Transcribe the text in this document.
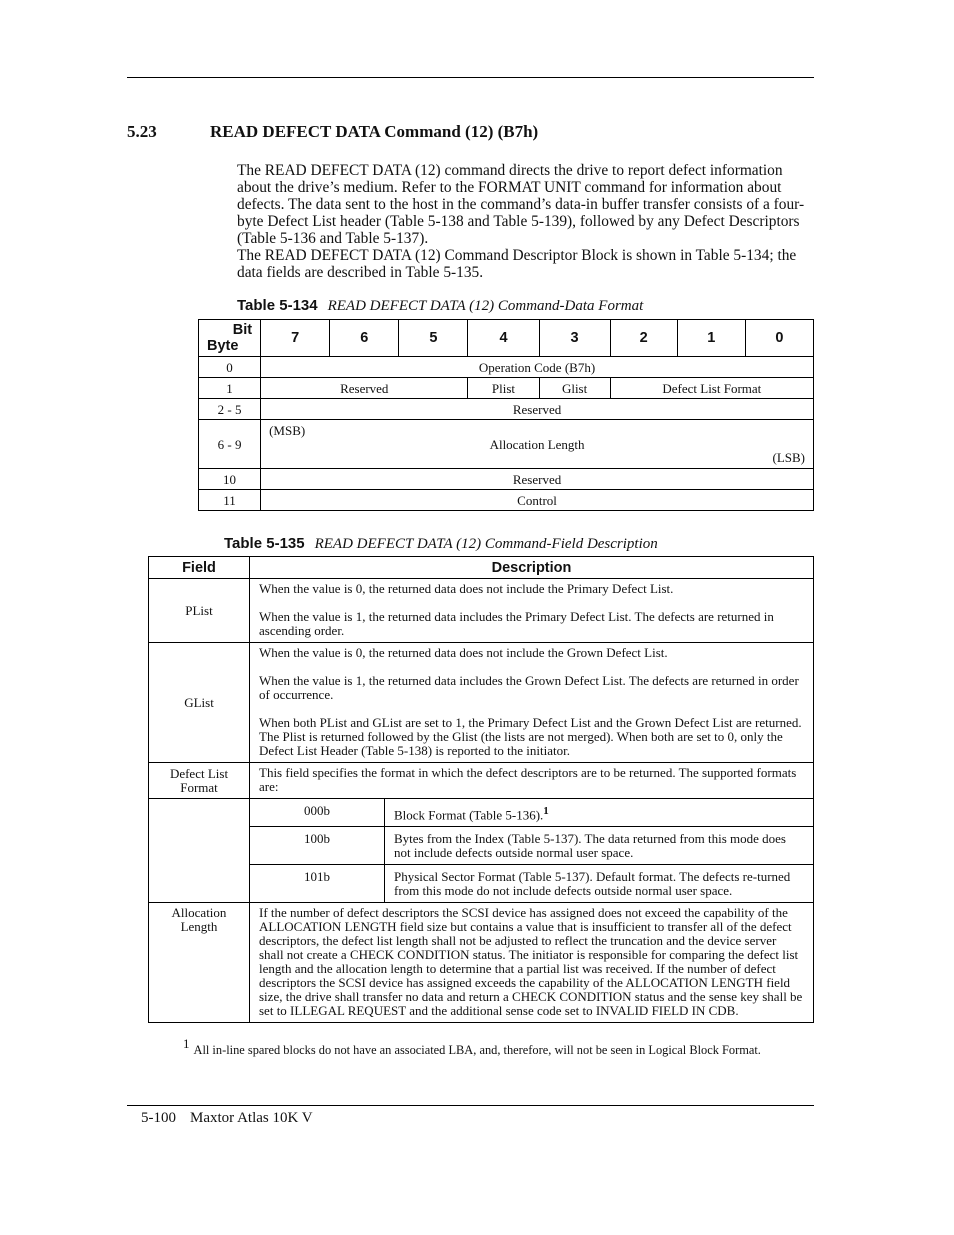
5.23	READ DEFECT DATA Command (12) (B7h)

The READ DEFECT DATA (12) command directs the drive to report defect information about the drive’s medium. Refer to the FORMAT UNIT command for information about defects. The data sent to the host in the command’s data-in buffer transfer consists of a four-byte Defect List header (Table 5-138 and Table 5-139), followed by any Defect Descriptors (Table 5-136 and Table 5-137).

The READ DEFECT DATA (12) Command Descriptor Block is shown in Table 5-134; the data fields are described in Table 5-135.

Table 5-134 READ DEFECT DATA (12) Command-Data Format
Bit
Byte	7	6	5	4	3	2	1	0
0	Operation Code (B7h)							
1	Reserved			Plist	Glist	Defect List Format		
2 - 5	Reserved							
6 - 9	(MSB)
Allocation Length
(LSB)							

10	Reserved							
11	Control							
Table 5-135 READ DEFECT DATA (12) Command-Field Description
Field	Description	
PList	When the value is 0, the returned data does not include the Primary Defect List.

When the value is 1, the returned data includes the Primary Defect List. The defects are returned in ascending order.	

GList	When the value is 0, the returned data does not include the Grown Defect List.

When the value is 1, the returned data includes the Grown Defect List. The defects are returned in order of occurrence.

When both PList and GList are set to 1, the Primary Defect List and the Grown Defect List are returned. The Plist is returned followed by the Glist (the lists are not merged). When both are set to 0, only the Defect List Header (Table 5-138) is reported to the initiator.	

Defect List
Format	This field specifies the format in which the defect descriptors are to be returned. The supported formats are:	

	000b	Block Format (Table 5-136).$^1$
	100b	Bytes from the Index (Table 5-137). The data returned from this mode does not include defects outside normal user space.
	101b	Physical Sector Format (Table 5-137). Default format. The defects re-turned from this mode do not include defects outside normal user space.
Allocation
Length	If the number of defect descriptors the SCSI device has assigned does not exceed the capability of the ALLOCATION LENGTH field size but contains a value that is insufficient to transfer all of the defect descriptors, the defect list length shall not be adjusted to reflect the truncation and the device server shall not create a CHECK CONDITION status. The initiator is responsible for comparing the defect list length and the allocation length to determine that a partial list was received. If the number of defect descriptors the SCSI device has assigned exceeds the capability of the ALLOCATION LENGTH field size, the drive shall transfer no data and return a CHECK CONDITION status and the sense key shall be set to ILLEGAL REQUEST and the additional sense code set to INVALID FIELD IN CDB.	

$^1$ All in-line spared blocks do not have an associated LBA, and, therefore, will not be seen in Logical Block Format.
5-100 Maxtor Atlas 10K V
